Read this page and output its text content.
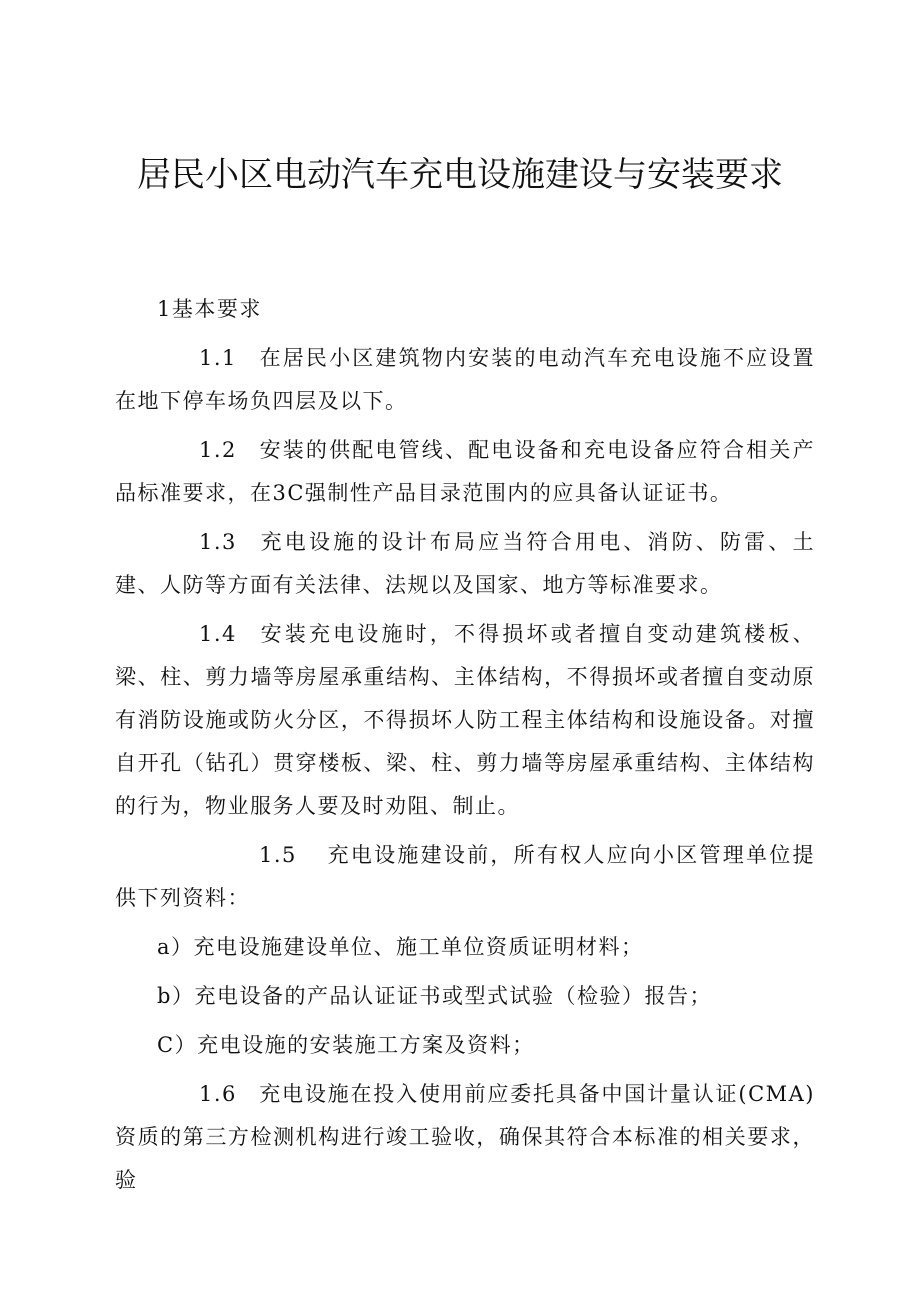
居民小区电动汽车充电设施建设与安装要求

1基本要求

1.1 在居民小区建筑物内安装的电动汽车充电设施不应设置在地下停车场负四层及以下。

1.2 安装的供配电管线、配电设备和充电设备应符合相关产品标准要求，在3C强制性产品目录范围内的应具备认证证书。

1.3 充电设施的设计布局应当符合用电、消防、防雷、土建、人防等方面有关法律、法规以及国家、地方等标准要求。

1.4 安装充电设施时，不得损坏或者擅自变动建筑楼板、梁、柱、剪力墙等房屋承重结构、主体结构，不得损坏或者擅自变动原有消防设施或防火分区，不得损坏人防工程主体结构和设施设备。对擅自开孔（钻孔）贯穿楼板、梁、柱、剪力墙等房屋承重结构、主体结构的行为，物业服务人要及时劝阻、制止。

1.5 充电设施建设前，所有权人应向小区管理单位提供下列资料：

a）充电设施建设单位、施工单位资质证明材料；

b）充电设备的产品认证证书或型式试验（检验）报告；

C）充电设施的安装施工方案及资料；

1.6 充电设施在投入使用前应委托具备中国计量认证(CMA)资质的第三方检测机构进行竣工验收，确保其符合本标准的相关要求，验
